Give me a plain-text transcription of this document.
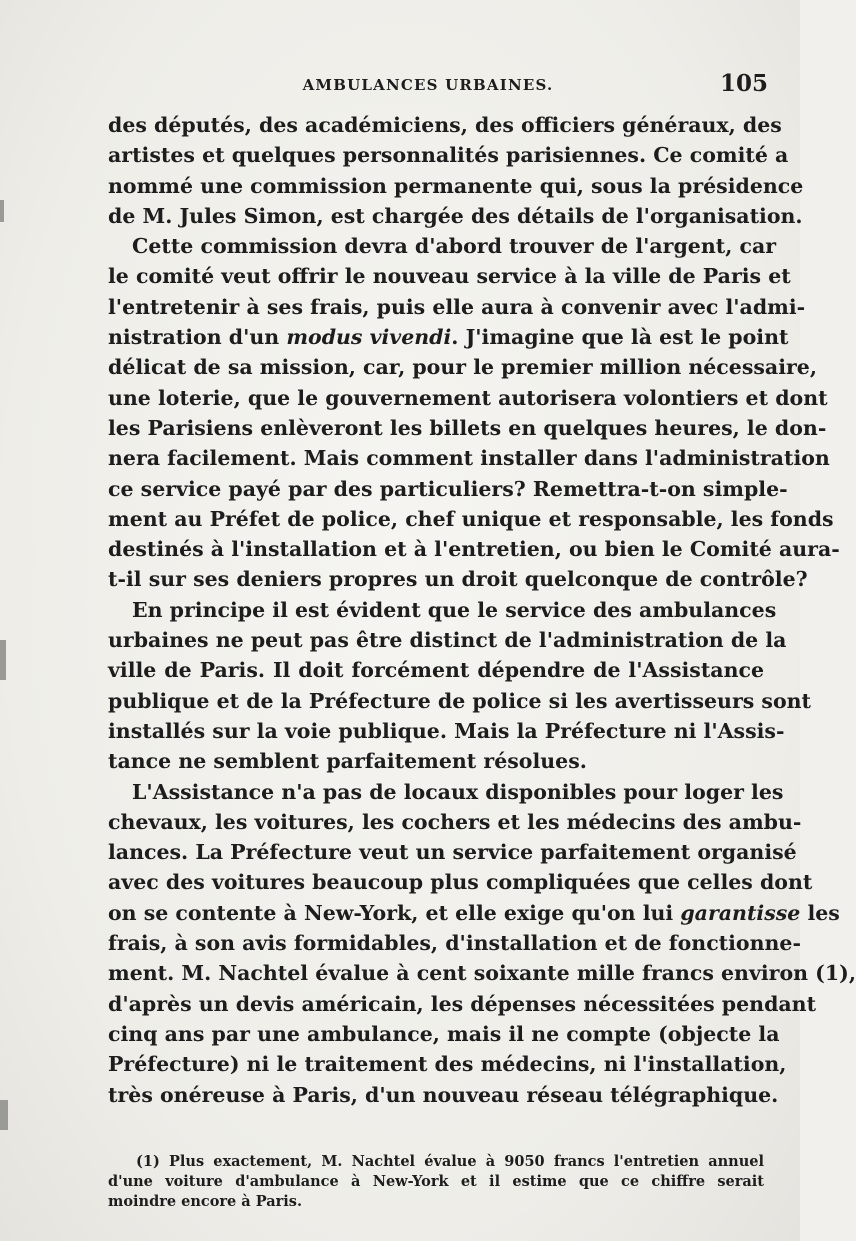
AMBULANCES URBAINES.	105
des députés, des académiciens, des officiers généraux, des
artistes et quelques personnalités parisiennes. Ce comité a
nommé une commission permanente qui, sous la présidence
de M. Jules Simon, est chargée des détails de l'organisation.
Cette commission devra d'abord trouver de l'argent, car
le comité veut offrir le nouveau service à la ville de Paris et
l'entretenir à ses frais, puis elle aura à convenir avec l'admi-
nistration d'un modus vivendi. J'imagine que là est le point
délicat de sa mission, car, pour le premier million nécessaire,
une loterie, que le gouvernement autorisera volontiers et dont
les Parisiens enlèveront les billets en quelques heures, le don-
nera facilement. Mais comment installer dans l'administration
ce service payé par des particuliers? Remettra-t-on simple-
ment au Préfet de police, chef unique et responsable, les fonds
destinés à l'installation et à l'entretien, ou bien le Comité aura-
t-il sur ses deniers propres un droit quelconque de contrôle?
En principe il est évident que le service des ambulances
urbaines ne peut pas être distinct de l'administration de la
ville de Paris. Il doit forcément dépendre de l'Assistance
publique et de la Préfecture de police si les avertisseurs sont
installés sur la voie publique. Mais la Préfecture ni l'Assis-
tance ne semblent parfaitement résolues.
L'Assistance n'a pas de locaux disponibles pour loger les
chevaux, les voitures, les cochers et les médecins des ambu-
lances. La Préfecture veut un service parfaitement organisé
avec des voitures beaucoup plus compliquées que celles dont
on se contente à New-York, et elle exige qu'on lui garantisse les
frais, à son avis formidables, d'installation et de fonctionne-
ment. M. Nachtel évalue à cent soixante mille francs environ (1),
d'après un devis américain, les dépenses nécessitées pendant
cinq ans par une ambulance, mais il ne compte (objecte la
Préfecture) ni le traitement des médecins, ni l'installation,
très onéreuse à Paris, d'un nouveau réseau télégraphique.
(1) Plus exactement, M. Nachtel évalue à 9050 francs l'entretien annuel
d'une voiture d'ambulance à New-York et il estime que ce chiffre serait
moindre encore à Paris.
